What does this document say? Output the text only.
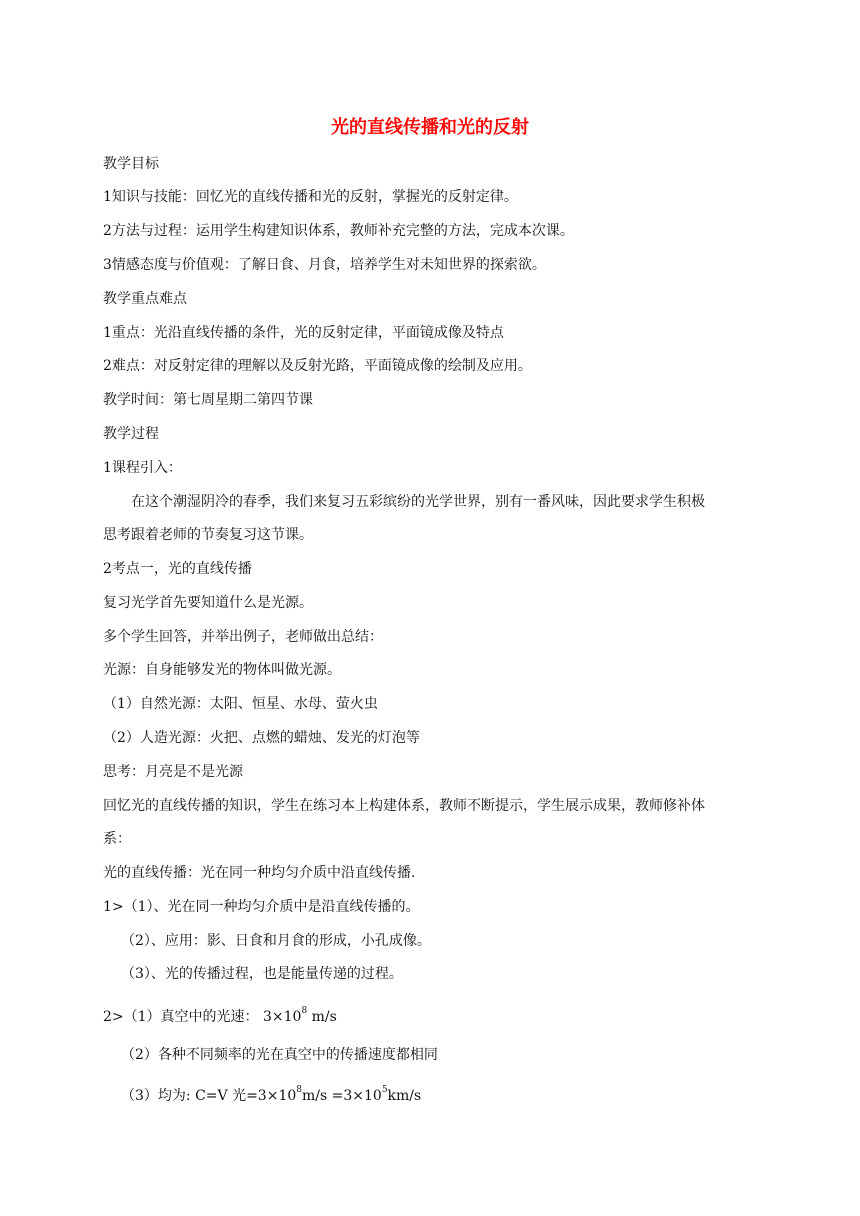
光的直线传播和光的反射
教学目标
1知识与技能：回忆光的直线传播和光的反射，掌握光的反射定律。
2方法与过程：运用学生构建知识体系，教师补充完整的方法，完成本次课。
3情感态度与价值观：了解日食、月食，培养学生对未知世界的探索欲。
教学重点难点
1重点：光沿直线传播的条件，光的反射定律，平面镜成像及特点
2难点：对反射定律的理解以及反射光路，平面镜成像的绘制及应用。
教学时间：第七周星期二第四节课
教学过程
1课程引入：
在这个潮湿阴冷的春季，我们来复习五彩缤纷的光学世界，别有一番风味，因此要求学生积极
思考跟着老师的节奏复习这节课。
2考点一，光的直线传播
复习光学首先要知道什么是光源。
多个学生回答，并举出例子，老师做出总结：
光源：自身能够发光的物体叫做光源。
（1）自然光源：太阳、恒星、水母、萤火虫
（2）人造光源：火把、点燃的蜡烛、发光的灯泡等
思考：月亮是不是光源
回忆光的直线传播的知识，学生在练习本上构建体系，教师不断提示，学生展示成果，教师修补体
系：
光的直线传播：光在同一种均匀介质中沿直线传播.
1>（1）、光在同一种均匀介质中是沿直线传播的。
（2）、应用：影、日食和月食的形成，小孔成像。
（3）、光的传播过程，也是能量传递的过程。
2>（1）真空中的光速： $3\times 10^8$ m/s
（2）各种不同频率的光在真空中的传播速度都相同
（3）均为: C=V 光$=3\times 10^8m/s =3\times 10^5km/s$
